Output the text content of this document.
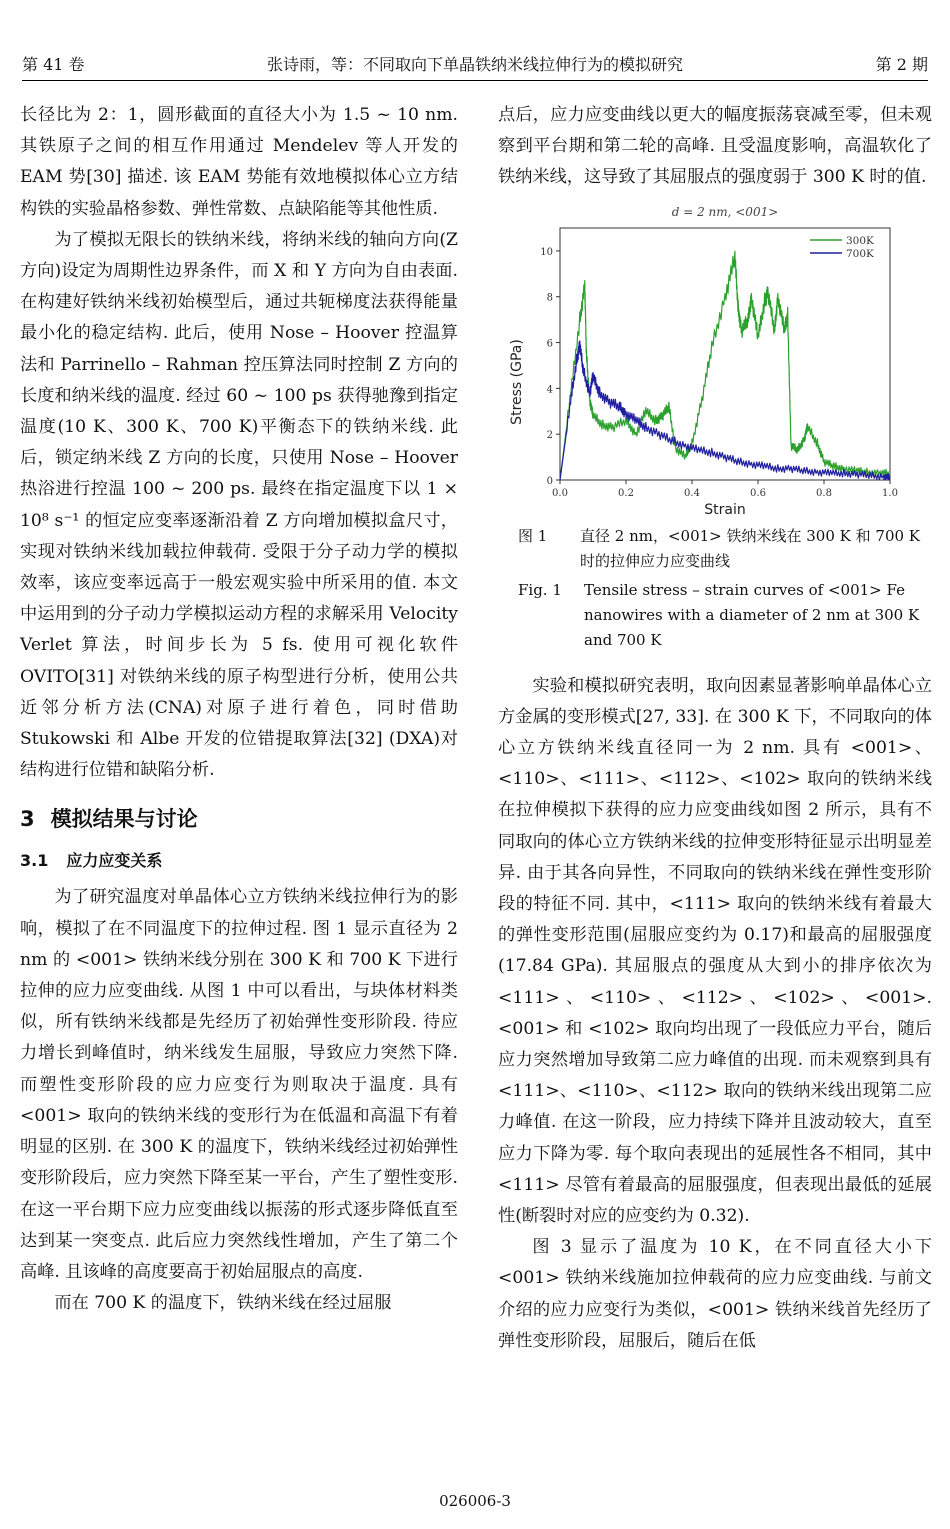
第 41 卷	张诗雨，等：不同取向下单晶铁纳米线拉伸行为的模拟研究	第 2 期

长径比为 2：1，圆形截面的直径大小为 1.5 ~ 10 nm. 其铁原子之间的相互作用通过 Mendelev 等人开发的 EAM 势[30] 描述. 该 EAM 势能有效地模拟体心立方结构铁的实验晶格参数、弹性常数、点缺陷能等其他性质.

为了模拟无限长的铁纳米线，将纳米线的轴向方向(Z 方向)设定为周期性边界条件，而 X 和 Y 方向为自由表面. 在构建好铁纳米线初始模型后，通过共轭梯度法获得能量最小化的稳定结构. 此后，使用 Nose – Hoover 控温算法和 Parrinello – Rahman 控压算法同时控制 Z 方向的长度和纳米线的温度. 经过 60 ~ 100 ps 获得驰豫到指定温度(10 K、300 K、700 K)平衡态下的铁纳米线. 此后，锁定纳米线 Z 方向的长度，只使用 Nose – Hoover 热浴进行控温 100 ~ 200 ps. 最终在指定温度下以 1 × 10⁸ s⁻¹ 的恒定应变率逐渐沿着 Z 方向增加模拟盒尺寸，实现对铁纳米线加载拉伸载荷. 受限于分子动力学的模拟效率，该应变率远高于一般宏观实验中所采用的值. 本文中运用到的分子动力学模拟运动方程的求解采用 Velocity Verlet 算法，时间步长为 5 fs. 使用可视化软件 OVITO[31] 对铁纳米线的原子构型进行分析，使用公共近邻分析方法(CNA)对原子进行着色，同时借助 Stukowski 和 Albe 开发的位错提取算法[32] (DXA)对结构进行位错和缺陷分析.

3 模拟结果与讨论
3.1 应力应变关系

为了研究温度对单晶体心立方铁纳米线拉伸行为的影响，模拟了在不同温度下的拉伸过程. 图 1 显示直径为 2 nm 的 <001> 铁纳米线分别在 300 K 和 700 K 下进行拉伸的应力应变曲线. 从图 1 中可以看出，与块体材料类似，所有铁纳米线都是先经历了初始弹性变形阶段. 待应力增长到峰值时，纳米线发生屈服，导致应力突然下降. 而塑性变形阶段的应力应变行为则取决于温度. 具有 <001> 取向的铁纳米线的变形行为在低温和高温下有着明显的区别. 在 300 K 的温度下，铁纳米线经过初始弹性变形阶段后，应力突然下降至某一平台，产生了塑性变形. 在这一平台期下应力应变曲线以振荡的形式逐步降低直至达到某一突变点. 此后应力突然线性增加，产生了第二个高峰. 且该峰的高度要高于初始屈服点的高度.

而在 700 K 的温度下，铁纳米线在经过屈服

点后，应力应变曲线以更大的幅度振荡衰减至零，但未观察到平台期和第二轮的高峰. 且受温度影响，高温软化了铁纳米线，这导致了其屈服点的强度弱于 300 K 时的值.

0.0	0.2	0.4	0.6	0.8	1.0
0
2
4
6
8
10
300K
700K
d = 2 nm, <001>
Strain
Stress (GPa)
图 1	直径 2 nm，<001> 铁纳米线在 300 K 和 700 K 时的拉伸应力应变曲线
Fig. 1	Tensile stress – strain curves of <001> Fe nanowires with a diameter of 2 nm at 300 K and 700 K

实验和模拟研究表明，取向因素显著影响单晶体心立方金属的变形模式[27, 33]. 在 300 K 下，不同取向的体心立方铁纳米线直径同一为 2 nm. 具有 <001>、<110>、<111>、<112>、<102> 取向的铁纳米线在拉伸模拟下获得的应力应变曲线如图 2 所示，具有不同取向的体心立方铁纳米线的拉伸变形特征显示出明显差异. 由于其各向异性，不同取向的铁纳米线在弹性变形阶段的特征不同. 其中，<111> 取向的铁纳米线有着最大的弹性变形范围(屈服应变约为 0.17)和最高的屈服强度(17.84 GPa). 其屈服点的强度从大到小的排序依次为 <111>、<110>、<112>、<102>、<001>. <001> 和 <102> 取向均出现了一段低应力平台，随后应力突然增加导致第二应力峰值的出现. 而未观察到具有 <111>、<110>、<112> 取向的铁纳米线出现第二应力峰值. 在这一阶段，应力持续下降并且波动较大，直至应力下降为零. 每个取向表现出的延展性各不相同，其中 <111> 尽管有着最高的屈服强度，但表现出最低的延展性(断裂时对应的应变约为 0.32).

图 3 显示了温度为 10 K，在不同直径大小下 <001> 铁纳米线施加拉伸载荷的应力应变曲线. 与前文介绍的应力应变行为类似，<001> 铁纳米线首先经历了弹性变形阶段，屈服后，随后在低

026006-3
